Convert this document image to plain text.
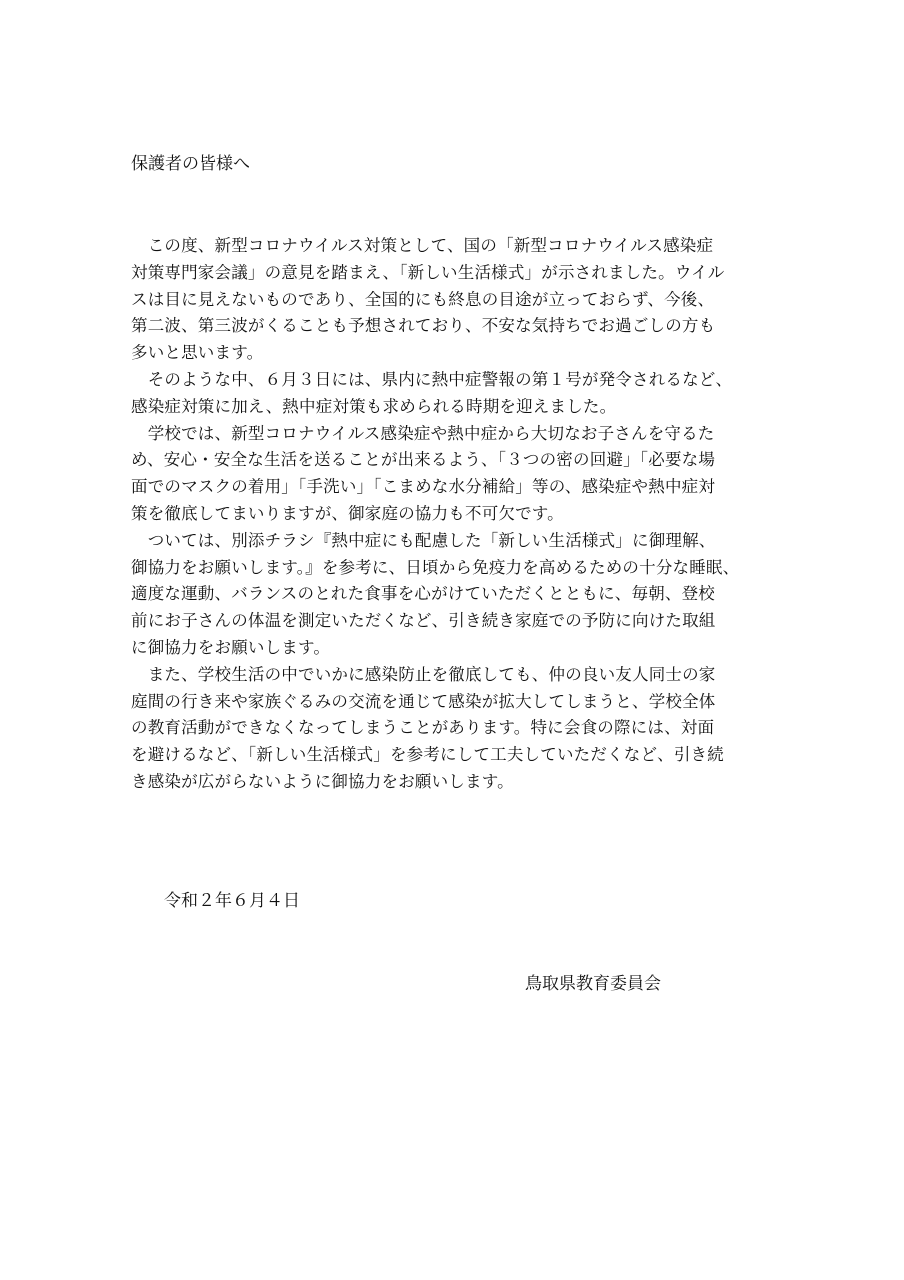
保護者の皆様へ
　この度、新型コロナウイルス対策として、国の「新型コロナウイルス感染症
対策専門家会議」の意見を踏まえ、「新しい生活様式」が示されました。ウイル
スは目に見えないものであり、全国的にも終息の目途が立っておらず、今後、
第二波、第三波がくることも予想されており、不安な気持ちでお過ごしの方も
多いと思います。
　そのような中、６月３日には、県内に熱中症警報の第１号が発令されるなど、
感染症対策に加え、熱中症対策も求められる時期を迎えました。
　学校では、新型コロナウイルス感染症や熱中症から大切なお子さんを守るた
め、安心・安全な生活を送ることが出来るよう、「３つの密の回避」「必要な場
面でのマスクの着用」「手洗い」「こまめな水分補給」等の、感染症や熱中症対
策を徹底してまいりますが、御家庭の協力も不可欠です。
　ついては、別添チラシ『熱中症にも配慮した「新しい生活様式」に御理解、
御協力をお願いします。』を参考に、日頃から免疫力を高めるための十分な睡眠、
適度な運動、バランスのとれた食事を心がけていただくとともに、毎朝、登校
前にお子さんの体温を測定いただくなど、引き続き家庭での予防に向けた取組
に御協力をお願いします。
　また、学校生活の中でいかに感染防止を徹底しても、仲の良い友人同士の家
庭間の行き来や家族ぐるみの交流を通じて感染が拡大してしまうと、学校全体
の教育活動ができなくなってしまうことがあります。特に会食の際には、対面
を避けるなど、「新しい生活様式」を参考にして工夫していただくなど、引き続
き感染が広がらないように御協力をお願いします。
令和２年６月４日
鳥取県教育委員会
